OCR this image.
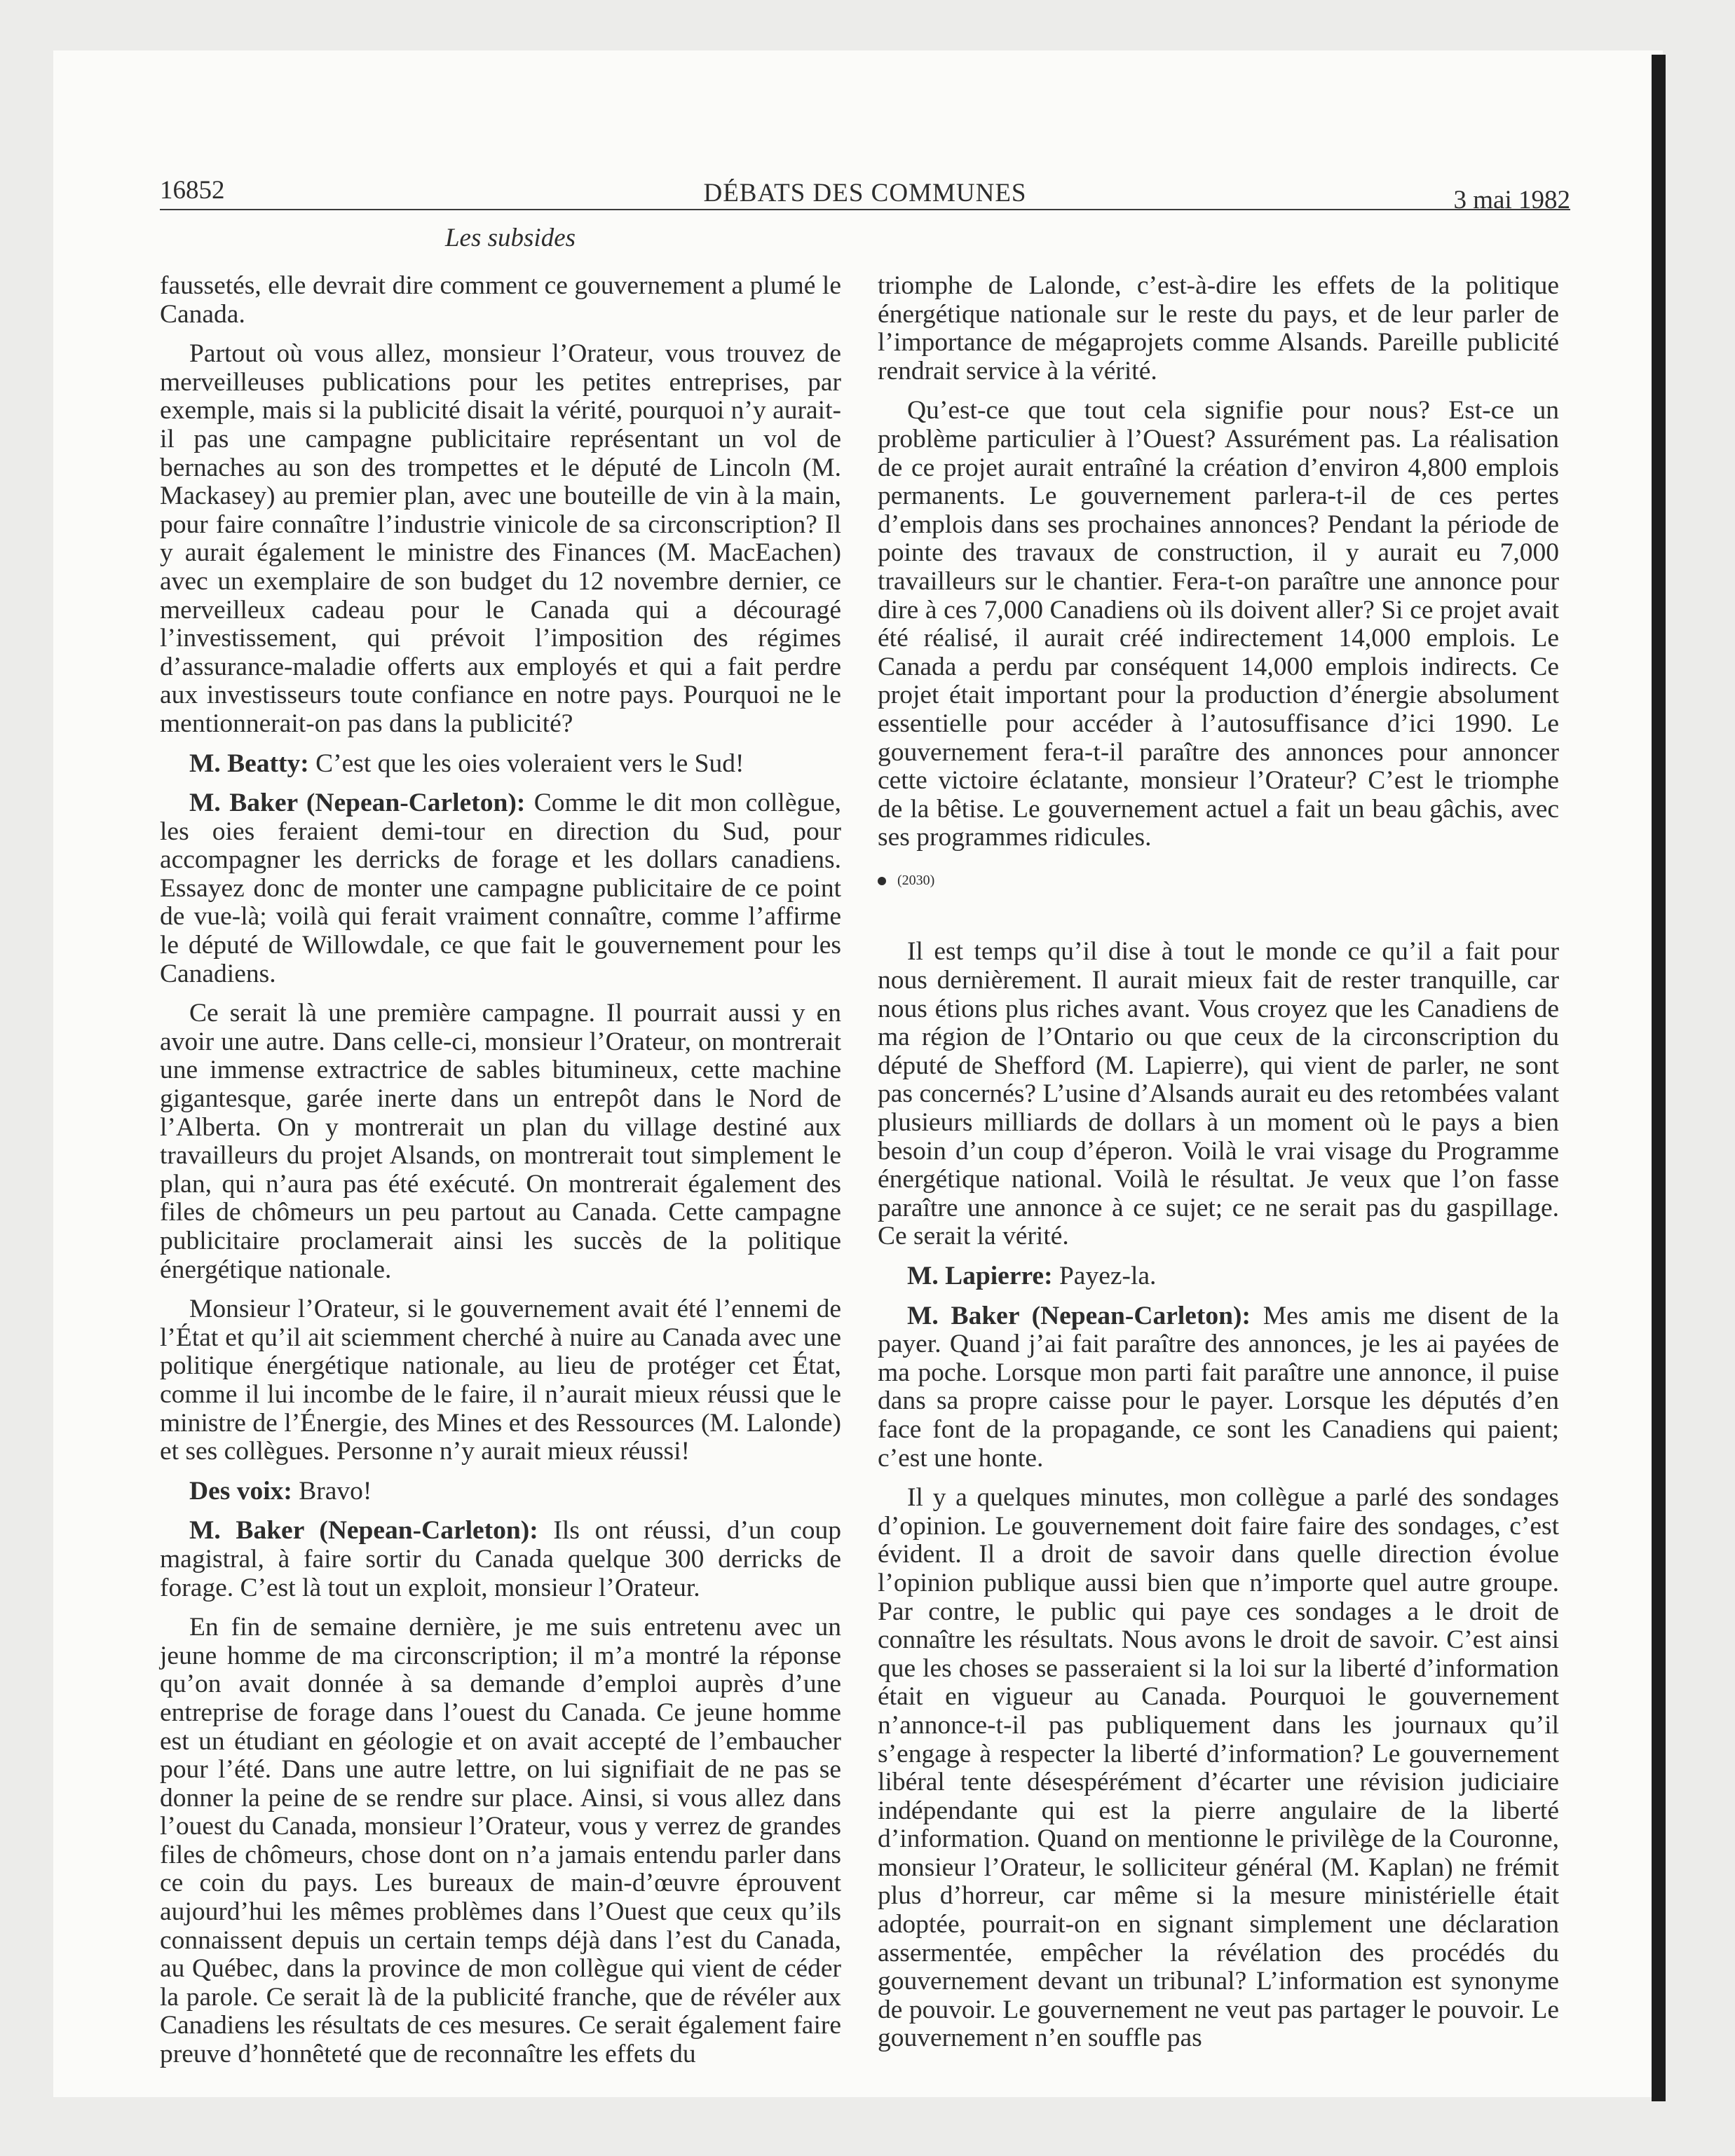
16852	DÉBATS DES COMMUNES	3 mai 1982
Les subsides

faussetés, elle devrait dire comment ce gouvernement a plumé le Canada.

Partout où vous allez, monsieur l’Orateur, vous trouvez de merveilleuses publications pour les petites entreprises, par exemple, mais si la publicité disait la vérité, pourquoi n’y aurait-il pas une campagne publicitaire représentant un vol de bernaches au son des trompettes et le député de Lincoln (M. Mackasey) au premier plan, avec une bouteille de vin à la main, pour faire connaître l’industrie vinicole de sa circonscription? Il y aurait également le ministre des Finances (M. MacEachen) avec un exemplaire de son budget du 12 novembre dernier, ce merveilleux cadeau pour le Canada qui a découragé l’investissement, qui prévoit l’imposition des régimes d’assurance-maladie offerts aux employés et qui a fait perdre aux investisseurs toute confiance en notre pays. Pourquoi ne le mentionnerait-on pas dans la publicité?

M. Beatty: C’est que les oies voleraient vers le Sud!

M. Baker (Nepean-Carleton): Comme le dit mon collègue, les oies feraient demi-tour en direction du Sud, pour accompagner les derricks de forage et les dollars canadiens. Essayez donc de monter une campagne publicitaire de ce point de vue-là; voilà qui ferait vraiment connaître, comme l’affirme le député de Willowdale, ce que fait le gouvernement pour les Canadiens.

Ce serait là une première campagne. Il pourrait aussi y en avoir une autre. Dans celle-ci, monsieur l’Orateur, on montrerait une immense extractrice de sables bitumineux, cette machine gigantesque, garée inerte dans un entrepôt dans le Nord de l’Alberta. On y montrerait un plan du village destiné aux travailleurs du projet Alsands, on montrerait tout simplement le plan, qui n’aura pas été exécuté. On montrerait également des files de chômeurs un peu partout au Canada. Cette campagne publicitaire proclamerait ainsi les succès de la politique énergétique nationale.

Monsieur l’Orateur, si le gouvernement avait été l’ennemi de l’État et qu’il ait sciemment cherché à nuire au Canada avec une politique énergétique nationale, au lieu de protéger cet État, comme il lui incombe de le faire, il n’aurait mieux réussi que le ministre de l’Énergie, des Mines et des Ressources (M. Lalonde) et ses collègues. Personne n’y aurait mieux réussi!

Des voix: Bravo!

M. Baker (Nepean-Carleton): Ils ont réussi, d’un coup magistral, à faire sortir du Canada quelque 300 derricks de forage. C’est là tout un exploit, monsieur l’Orateur.

En fin de semaine dernière, je me suis entretenu avec un jeune homme de ma circonscription; il m’a montré la réponse qu’on avait donnée à sa demande d’emploi auprès d’une entreprise de forage dans l’ouest du Canada. Ce jeune homme est un étudiant en géologie et on avait accepté de l’embaucher pour l’été. Dans une autre lettre, on lui signifiait de ne pas se donner la peine de se rendre sur place. Ainsi, si vous allez dans l’ouest du Canada, monsieur l’Orateur, vous y verrez de grandes files de chômeurs, chose dont on n’a jamais entendu parler dans ce coin du pays. Les bureaux de main-d’œuvre éprouvent aujourd’hui les mêmes problèmes dans l’Ouest que ceux qu’ils connaissent depuis un certain temps déjà dans l’est du Canada, au Québec, dans la province de mon collègue qui vient de céder la parole. Ce serait là de la publicité franche, que de révéler aux Canadiens les résultats de ces mesures. Ce serait également faire preuve d’honnêteté que de reconnaître les effets du

triomphe de Lalonde, c’est-à-dire les effets de la politique énergétique nationale sur le reste du pays, et de leur parler de l’importance de mégaprojets comme Alsands. Pareille publicité rendrait service à la vérité.

Qu’est-ce que tout cela signifie pour nous? Est-ce un problème particulier à l’Ouest? Assurément pas. La réalisation de ce projet aurait entraîné la création d’environ 4,800 emplois permanents. Le gouvernement parlera-t-il de ces pertes d’emplois dans ses prochaines annonces? Pendant la période de pointe des travaux de construction, il y aurait eu 7,000 travailleurs sur le chantier. Fera-t-on paraître une annonce pour dire à ces 7,000 Canadiens où ils doivent aller? Si ce projet avait été réalisé, il aurait créé indirectement 14,000 emplois. Le Canada a perdu par conséquent 14,000 emplois indirects. Ce projet était important pour la production d’énergie absolument essentielle pour accéder à l’autosuffisance d’ici 1990. Le gouvernement fera-t-il paraître des annonces pour annoncer cette victoire éclatante, monsieur l’Orateur? C’est le triomphe de la bêtise. Le gouvernement actuel a fait un beau gâchis, avec ses programmes ridicules.

(2030)

Il est temps qu’il dise à tout le monde ce qu’il a fait pour nous dernièrement. Il aurait mieux fait de rester tranquille, car nous étions plus riches avant. Vous croyez que les Canadiens de ma région de l’Ontario ou que ceux de la circonscription du député de Shefford (M. Lapierre), qui vient de parler, ne sont pas concernés? L’usine d’Alsands aurait eu des retombées valant plusieurs milliards de dollars à un moment où le pays a bien besoin d’un coup d’éperon. Voilà le vrai visage du Programme énergétique national. Voilà le résultat. Je veux que l’on fasse paraître une annonce à ce sujet; ce ne serait pas du gaspillage. Ce serait la vérité.

M. Lapierre: Payez-la.

M. Baker (Nepean-Carleton): Mes amis me disent de la payer. Quand j’ai fait paraître des annonces, je les ai payées de ma poche. Lorsque mon parti fait paraître une annonce, il puise dans sa propre caisse pour le payer. Lorsque les députés d’en face font de la propagande, ce sont les Canadiens qui paient; c’est une honte.

Il y a quelques minutes, mon collègue a parlé des sondages d’opinion. Le gouvernement doit faire faire des sondages, c’est évident. Il a droit de savoir dans quelle direction évolue l’opinion publique aussi bien que n’importe quel autre groupe. Par contre, le public qui paye ces sondages a le droit de connaître les résultats. Nous avons le droit de savoir. C’est ainsi que les choses se passeraient si la loi sur la liberté d’information était en vigueur au Canada. Pourquoi le gouvernement n’annonce-t-il pas publiquement dans les journaux qu’il s’engage à respecter la liberté d’information? Le gouvernement libéral tente désespérément d’écarter une révision judiciaire indépendante qui est la pierre angulaire de la liberté d’information. Quand on mentionne le privilège de la Couronne, monsieur l’Orateur, le solliciteur général (M. Kaplan) ne frémit plus d’horreur, car même si la mesure ministérielle était adoptée, pourrait-on en signant simplement une déclaration assermentée, empêcher la révélation des procédés du gouvernement devant un tribunal? L’information est synonyme de pouvoir. Le gouvernement ne veut pas partager le pouvoir. Le gouvernement n’en souffle pas
